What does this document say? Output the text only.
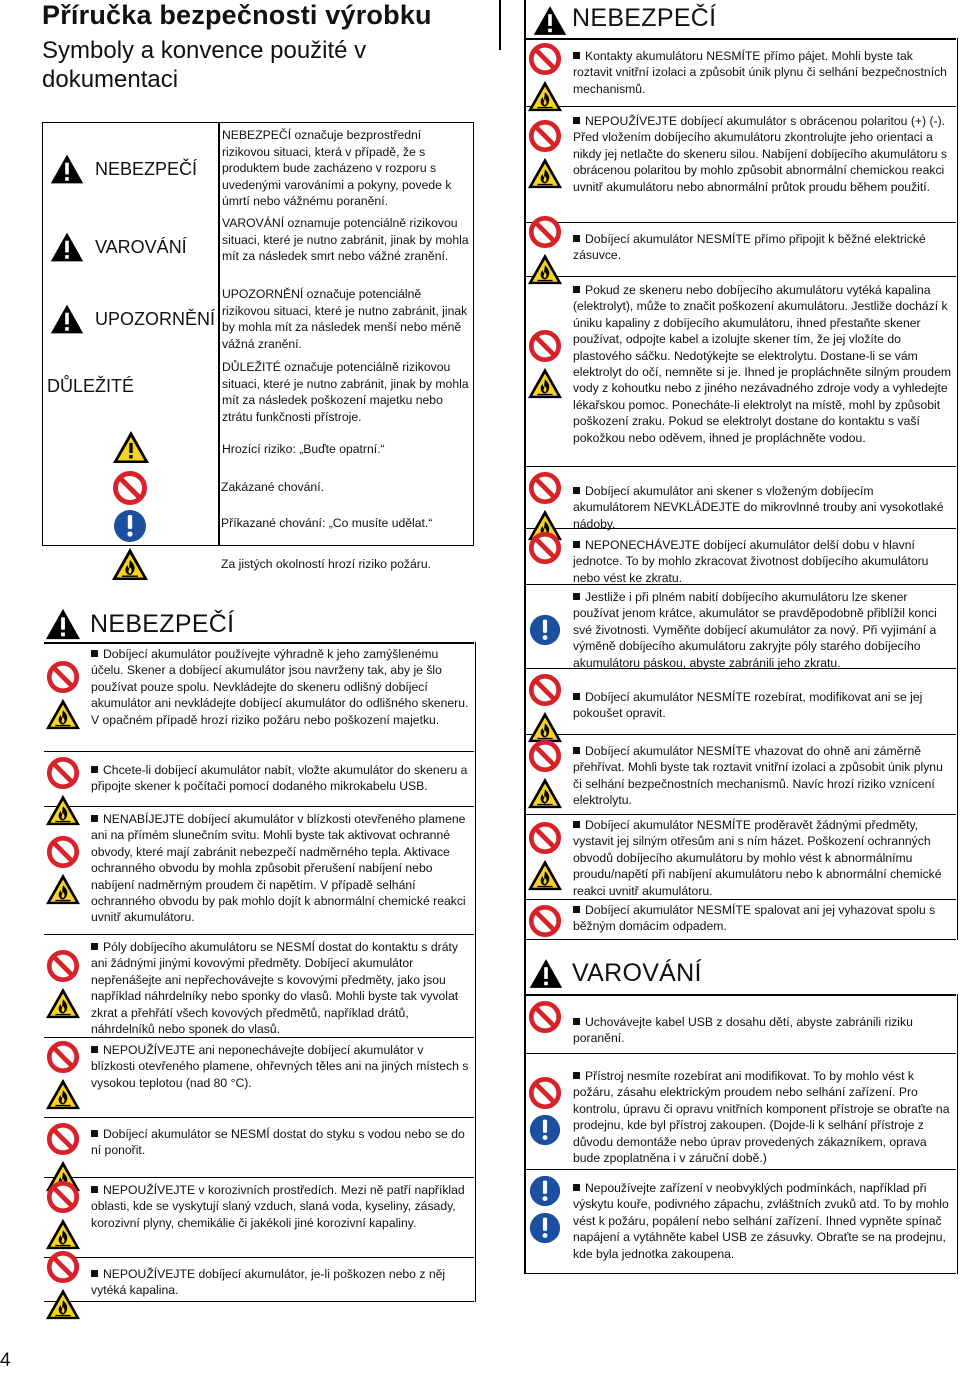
Příručka bezpečnosti výrobku
Symboly a konvence použité v dokumentaci
NEBEZPEČÍ
VAROVÁNÍ
UPOZORNĚNÍ
DŮLEŽITÉ
NEBEZPEČÍ označuje bezprostřední rizikovou situaci, která v případě, že s produktem bude zacházeno v rozporu s uvedenými varováními a pokyny, povede k úmrtí nebo vážnému poranění.
VAROVÁNÍ oznamuje potenciálně rizikovou situaci, které je nutno zabránit, jinak by mohla mít za následek smrt nebo vážné zranění.
UPOZORNĚNÍ označuje potenciálně rizikovou situaci, které je nutno zabránit, jinak by mohla mít za následek menší nebo méně vážná zranění.
DŮLEŽITÉ označuje potenciálně rizikovou situaci, které je nutno zabránit, jinak by mohla mít za následek poškození majetku nebo ztrátu funkčnosti přístroje.
Hrozící riziko: „Buďte opatrní.“
Zakázané chování.
Příkazané chování: „Co musíte udělat.“
Za jistých okolností hrozí riziko požáru.
NEBEZPEČÍ
Dobíjecí akumulátor používejte výhradně k jeho zamýšlenému účelu. Skener a dobíjecí akumulátor jsou navrženy tak, aby je šlo používat pouze spolu. Nevkládejte do skeneru odlišný dobíjecí akumulátor ani nevkládejte dobíjecí akumulátor do odlišného skeneru. V opačném případě hrozí riziko požáru nebo poškození majetku.
Chcete-li dobíjecí akumulátor nabít, vložte akumulátor do skeneru a připojte skener k počítači pomocí dodaného mikrokabelu USB.
NENABÍJEJTE dobíjecí akumulátor v blízkosti otevřeného plamene ani na přímém slunečním svitu. Mohli byste tak aktivovat ochranné obvody, které mají zabránit nebezpečí nadměrného tepla. Aktivace ochranného obvodu by mohla způsobit přerušení nabíjení nebo nabíjení nadměrným proudem či napětím. V případě selhání ochranného obvodu by pak mohlo dojít k abnormální chemické reakci uvnitř akumulátoru.
Póly dobíjecího akumulátoru se NESMÍ dostat do kontaktu s dráty ani žádnými jinými kovovými předměty. Dobíjecí akumulátor nepřenášejte ani nepřechovávejte s kovovými předměty, jako jsou například náhrdelníky nebo sponky do vlasů. Mohli byste tak vyvolat zkrat a přehřátí všech kovových předmětů, například drátů, náhrdelníků nebo sponek do vlasů.
NEPOUŽÍVEJTE ani neponechávejte dobíjecí akumulátor v blízkosti otevřeného plamene, ohřevných těles ani na jiných místech s vysokou teplotou (nad 80 °C).
Dobíjecí akumulátor se NESMÍ dostat do styku s vodou nebo se do ní ponořit.
NEPOUŽÍVEJTE v korozivních prostředích. Mezi ně patří například oblasti, kde se vyskytují slaný vzduch, slaná voda, kyseliny, zásady, korozivní plyny, chemikálie či jakékoli jiné korozivní kapaliny.
NEPOUŽÍVEJTE dobíjecí akumulátor, je-li poškozen nebo z něj vytéká kapalina.
NEBEZPEČÍ
Kontakty akumulátoru NESMÍTE přímo pájet. Mohli byste tak roztavit vnitřní izolaci a způsobit únik plynu či selhání bezpečnostních mechanismů.
NEPOUŽÍVEJTE dobíjecí akumulátor s obrácenou polaritou (+) (-). Před vložením dobíjecího akumulátoru zkontrolujte jeho orientaci a nikdy jej netlačte do skeneru silou. Nabíjení dobíjecího akumulátoru s obrácenou polaritou by mohlo způsobit abnormální chemickou reakci uvnitř akumulátoru nebo abnormální průtok proudu během použití.
Dobíjecí akumulátor NESMÍTE přímo připojit k běžné elektrické zásuvce.
Pokud ze skeneru nebo dobíjecího akumulátoru vytéká kapalina (elektrolyt), může to značit poškození akumulátoru. Jestliže dochází k úniku kapaliny z dobíjecího akumulátoru, ihned přestaňte skener používat, odpojte kabel a izolujte skener tím, že jej vložíte do plastového sáčku. Nedotýkejte se elektrolytu. Dostane-li se vám elektrolyt do očí, nemněte si je. Ihned je propláchněte silným proudem vody z kohoutku nebo z jiného nezávadného zdroje vody a vyhledejte lékařskou pomoc. Ponecháte-li elektrolyt na místě, mohl by způsobit poškození zraku. Pokud se elektrolyt dostane do kontaktu s vaší pokožkou nebo oděvem, ihned je propláchněte vodou.
Dobíjecí akumulátor ani skener s vloženým dobíjecím akumulátorem NEVKLÁDEJTE do mikrovlnné trouby ani vysokotlaké nádoby.
NEPONECHÁVEJTE dobíjecí akumulátor delší dobu v hlavní jednotce. To by mohlo zkracovat životnost dobíjecího akumulátoru nebo vést ke zkratu.
Jestliže i při plném nabití dobíjecího akumulátoru lze skener používat jenom krátce, akumulátor se pravděpodobně přiblížil konci své životnosti. Vyměňte dobíjecí akumulátor za nový. Při vyjímání a výměně dobíjecího akumulátoru zakryjte póly starého dobíjecího akumulátoru páskou, abyste zabránili jeho zkratu.
Dobíjecí akumulátor NESMÍTE rozebírat, modifikovat ani se jej pokoušet opravit.
Dobíjecí akumulátor NESMÍTE vhazovat do ohně ani záměrně přehřívat. Mohli byste tak roztavit vnitřní izolaci a způsobit únik plynu či selhání bezpečnostních mechanismů. Navíc hrozí riziko vznícení elektrolytu.
Dobíjecí akumulátor NESMÍTE proděravět žádnými předměty, vystavit jej silným otřesům ani s ním házet. Poškození ochranných obvodů dobíjecího akumulátoru by mohlo vést k abnormálnímu proudu/napětí při nabíjení akumulátoru nebo k abnormální chemické reakci uvnitř akumulátoru.
Dobíjecí akumulátor NESMÍTE spalovat ani jej vyhazovat spolu s běžným domácím odpadem.
VAROVÁNÍ
Uchovávejte kabel USB z dosahu dětí, abyste zabránili riziku poranění.
Přístroj nesmíte rozebírat ani modifikovat. To by mohlo vést k požáru, zásahu elektrickým proudem nebo selhání zařízení. Pro kontrolu, úpravu či opravu vnitřních komponent přístroje se obraťte na prodejnu, kde byl přístroj zakoupen. (Dojde-li k selhání přístroje z důvodu demontáže nebo úprav provedených zákazníkem, oprava bude zpoplatněna i v záruční době.)
Nepoužívejte zařízení v neobvyklých podmínkách, například při výskytu kouře, podivného zápachu, zvláštních zvuků atd. To by mohlo vést k požáru, popálení nebo selhání zařízení. Ihned vypněte spínač napájení a vytáhněte kabel USB ze zásuvky. Obraťte se na prodejnu, kde byla jednotka zakoupena.
4
